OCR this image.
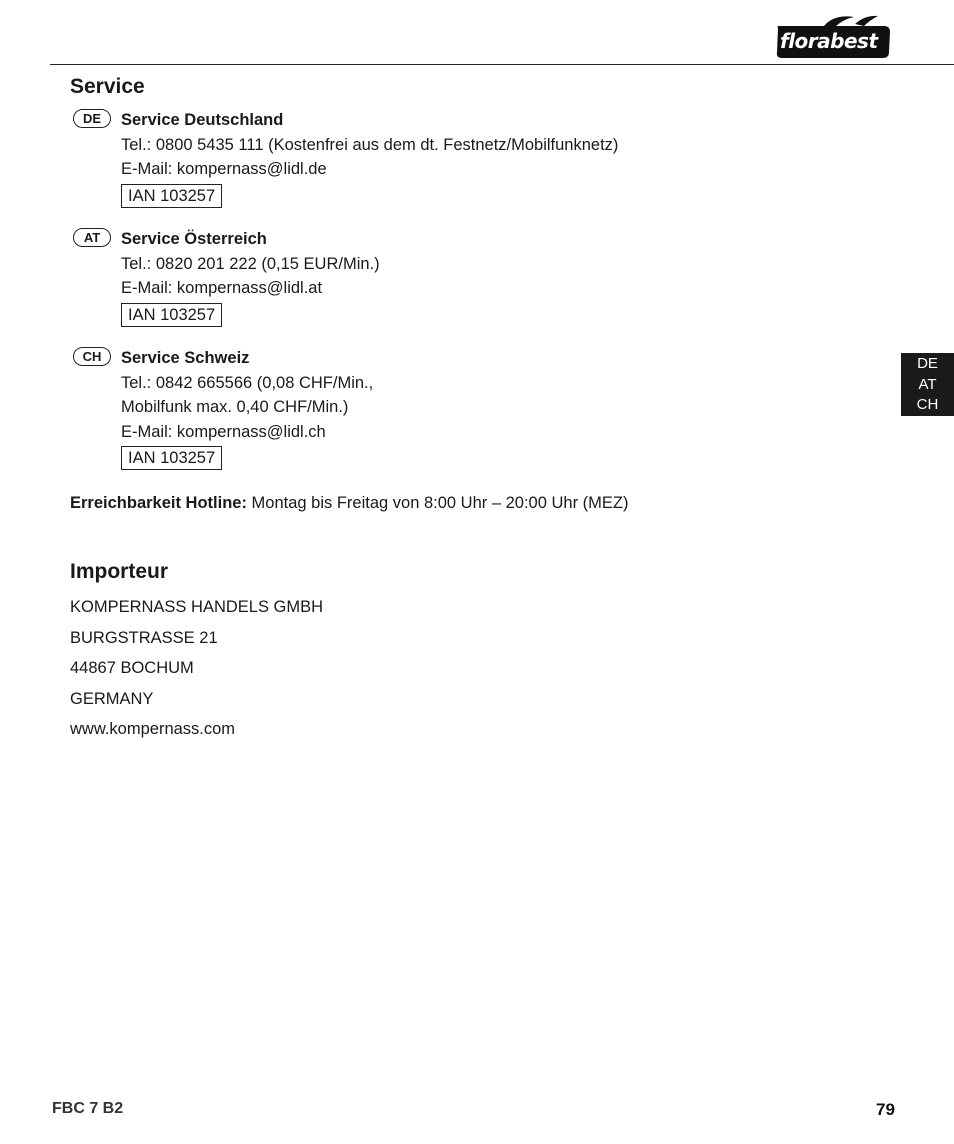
florabest
Service
DE	Service Deutschland
Tel.: 0800 5435 111 (Kostenfrei aus dem dt. Festnetz/Mobilfunknetz)
E-Mail: kompernass@lidl.de
IAN 103257
AT	Service Österreich
Tel.: 0820 201 222 (0,15 EUR/Min.)
E-Mail: kompernass@lidl.at
IAN 103257
CH	Service Schweiz
Tel.: 0842 665566 (0,08 CHF/Min.,
Mobilfunk max. 0,40 CHF/Min.)
E-Mail: kompernass@lidl.ch
IAN 103257
Erreichbarkeit Hotline: Montag bis Freitag von 8:00 Uhr – 20:00 Uhr (MEZ)
Importeur
KOMPERNASS HANDELS GMBH
BURGSTRASSE 21
44867 BOCHUM
GERMANY
www.kompernass.com
DE
AT
CH
FBC 7 B2	79
